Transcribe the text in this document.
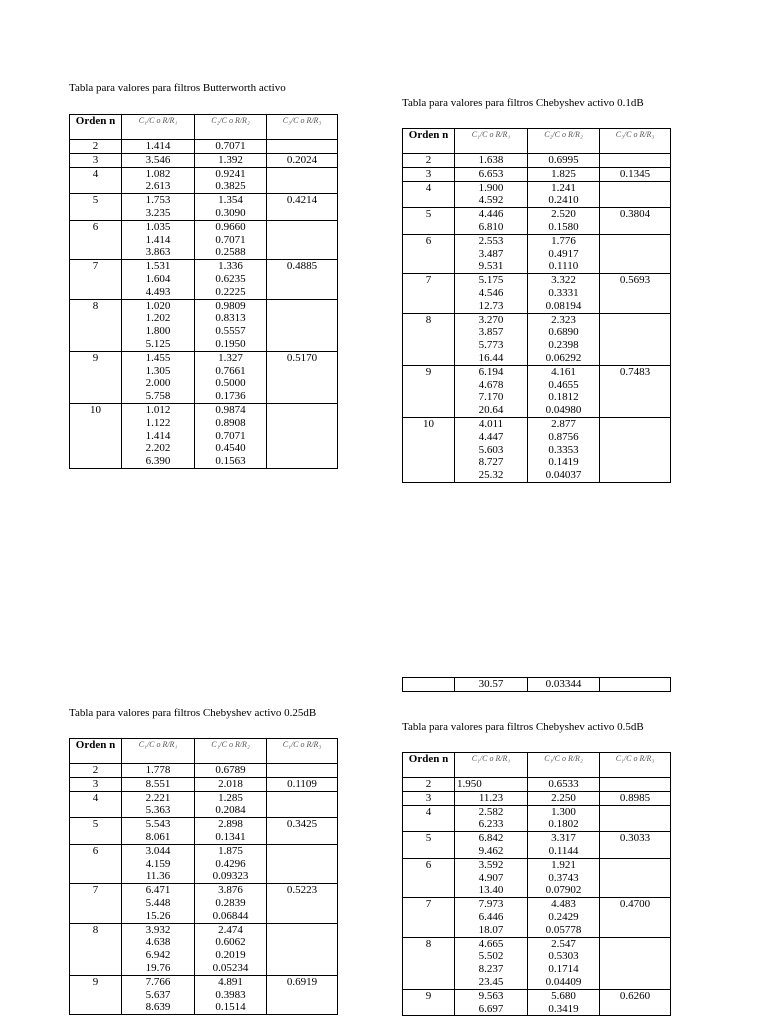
Tabla para valores para filtros Butterworth activo
Tabla para valores para filtros Chebyshev activo 0.1dB
Tabla para valores para filtros Chebyshev activo 0.25dB
Tabla para valores para filtros Chebyshev activo 0.5dB
Orden n	C₁/C o R/R₁	C₂/C o R/R₂	C₃/C o R/R₃
2	1.414	0.7071	
3	3.546	1.392	0.2024
4	1.082	0.9241	
	2.613	0.3825	
5	1.753	1.354	0.4214
	3.235	0.3090	
6	1.035	0.9660	
	1.414	0.7071	
	3.863	0.2588	
7	1.531	1.336	0.4885
	1.604	0.6235	
	4.493	0.2225	
8	1.020	0.9809	
	1.202	0.8313	
	1.800	0.5557	
	5.125	0.1950	
9	1.455	1.327	0.5170
	1.305	0.7661	
	2.000	0.5000	
	5.758	0.1736	
10	1.012	0.9874	
	1.122	0.8908	
	1.414	0.7071	
	2.202	0.4540	
	6.390	0.1563	
Orden n	C₁/C o R/R₁	C₂/C o R/R₂	C₃/C o R/R₃
2	1.638	0.6995	
3	6.653	1.825	0.1345
4	1.900	1.241	
	4.592	0.2410	
5	4.446	2.520	0.3804
	6.810	0.1580	
6	2.553	1.776	
	3.487	0.4917	
	9.531	0.1110	
7	5.175	3.322	0.5693
	4.546	0.3331	
	12.73	0.08194	
8	3.270	2.323	
	3.857	0.6890	
	5.773	0.2398	
	16.44	0.06292	
9	6.194	4.161	0.7483
	4.678	0.4655	
	7.170	0.1812	
	20.64	0.04980	
10	4.011	2.877	
	4.447	0.8756	
	5.603	0.3353	
	8.727	0.1419	
	25.32	0.04037	
	30.57	0.03344	
Orden n	C₁/C o R/R₁	C₁/C o R/R₂	C₁/C o R/R₃
2	1.778	0.6789	
3	8.551	2.018	0.1109
4	2.221	1.285	
	5.363	0.2084	
5	5.543	2.898	0.3425
	8.061	0.1341	
6	3.044	1.875	
	4.159	0.4296	
	11.36	0.09323	
7	6.471	3.876	0.5223
	5.448	0.2839	
	15.26	0.06844	
8	3.932	2.474	
	4.638	0.6062	
	6.942	0.2019	
	19.76	0.05234	
9	7.766	4.891	0.6919
	5.637	0.3983	
	8.639	0.1514	
Orden n	C₁/C o R/R₁	C₁/C o R/R₂	C₁/C o R/R₃
2	1.950	0.6533	
3	11.23	2.250	0.8985
4	2.582	1.300	
	6.233	0.1802	
5	6.842	3.317	0.3033
	9.462	0.1144	
6	3.592	1.921	
	4.907	0.3743	
	13.40	0.07902	
7	7.973	4.483	0.4700
	6.446	0.2429	
	18.07	0.05778	
8	4.665	2.547	
	5.502	0.5303	
	8.237	0.1714	
	23.45	0.04409	
9	9.563	5.680	0.6260
	6.697	0.3419	
